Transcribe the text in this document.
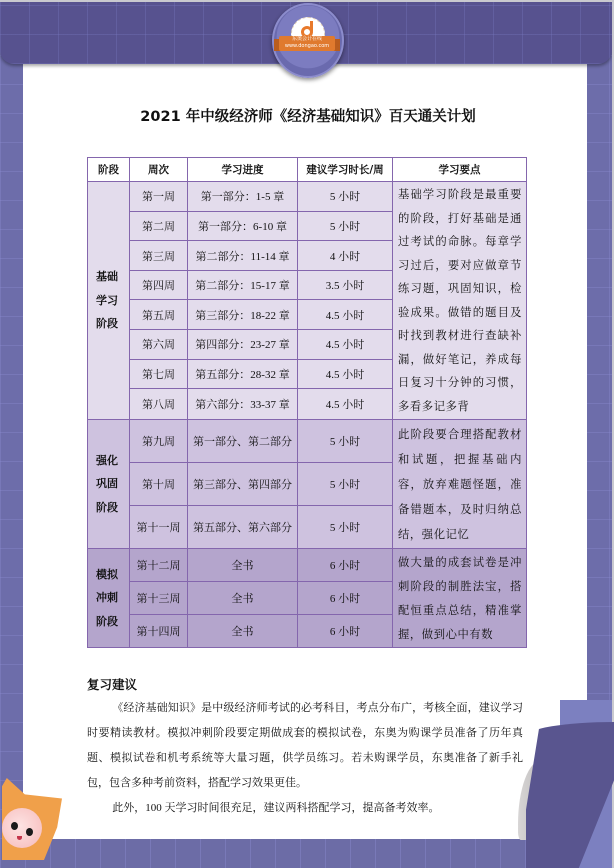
东奥会计在线
www.dongao.com
2021 年中级经济师《经济基础知识》百天通关计划
阶段	周次	学习进度	建议学习时长/周	学习要点

基础
学习
阶段	第一周	第一部分：1-5 章	5 小时	基础学习阶段是最重要的阶段，打好基础是通过考试的命脉。每章学习过后，要对应做章节练习题，巩固知识，检验成果。做错的题目及时找到教材进行查缺补漏，做好笔记，养成每日复习十分钟的习惯，多看多记多背
	第二周	第一部分：6-10 章	5 小时	
	第三周	第二部分：11-14 章	4 小时	
	第四周	第二部分：15-17 章	3.5 小时	
	第五周	第三部分：18-22 章	4.5 小时	
	第六周	第四部分：23-27 章	4.5 小时	
	第七周	第五部分：28-32 章	4.5 小时	
	第八周	第六部分：33-37 章	4.5 小时	

强化
巩固
阶段	第九周	第一部分、第二部分	5 小时	此阶段要合理搭配教材和试题，把握基础内容，放弃难题怪题，准备错题本，及时归纳总结，强化记忆
	第十周	第三部分、第四部分	5 小时	
	第十一周	第五部分、第六部分	5 小时	

模拟
冲刺
阶段	第十二周	全书	6 小时	做大量的成套试卷是冲刺阶段的制胜法宝，搭配恒重点总结，精准掌握，做到心中有数
	第十三周	全书	6 小时	
	第十四周	全书	6 小时	
复习建议

《经济基础知识》是中级经济师考试的必考科目，考点分布广，考核全面，建议学习时要精读教材。模拟冲刺阶段要定期做成套的模拟试卷，东奥为购课学员准备了历年真题、模拟试卷和机考系统等大量习题，供学员练习。若未购课学员，东奥准备了新手礼包，包含多种考前资料，搭配学习效果更佳。

此外，100 天学习时间很充足，建议两科搭配学习，提高备考效率。
